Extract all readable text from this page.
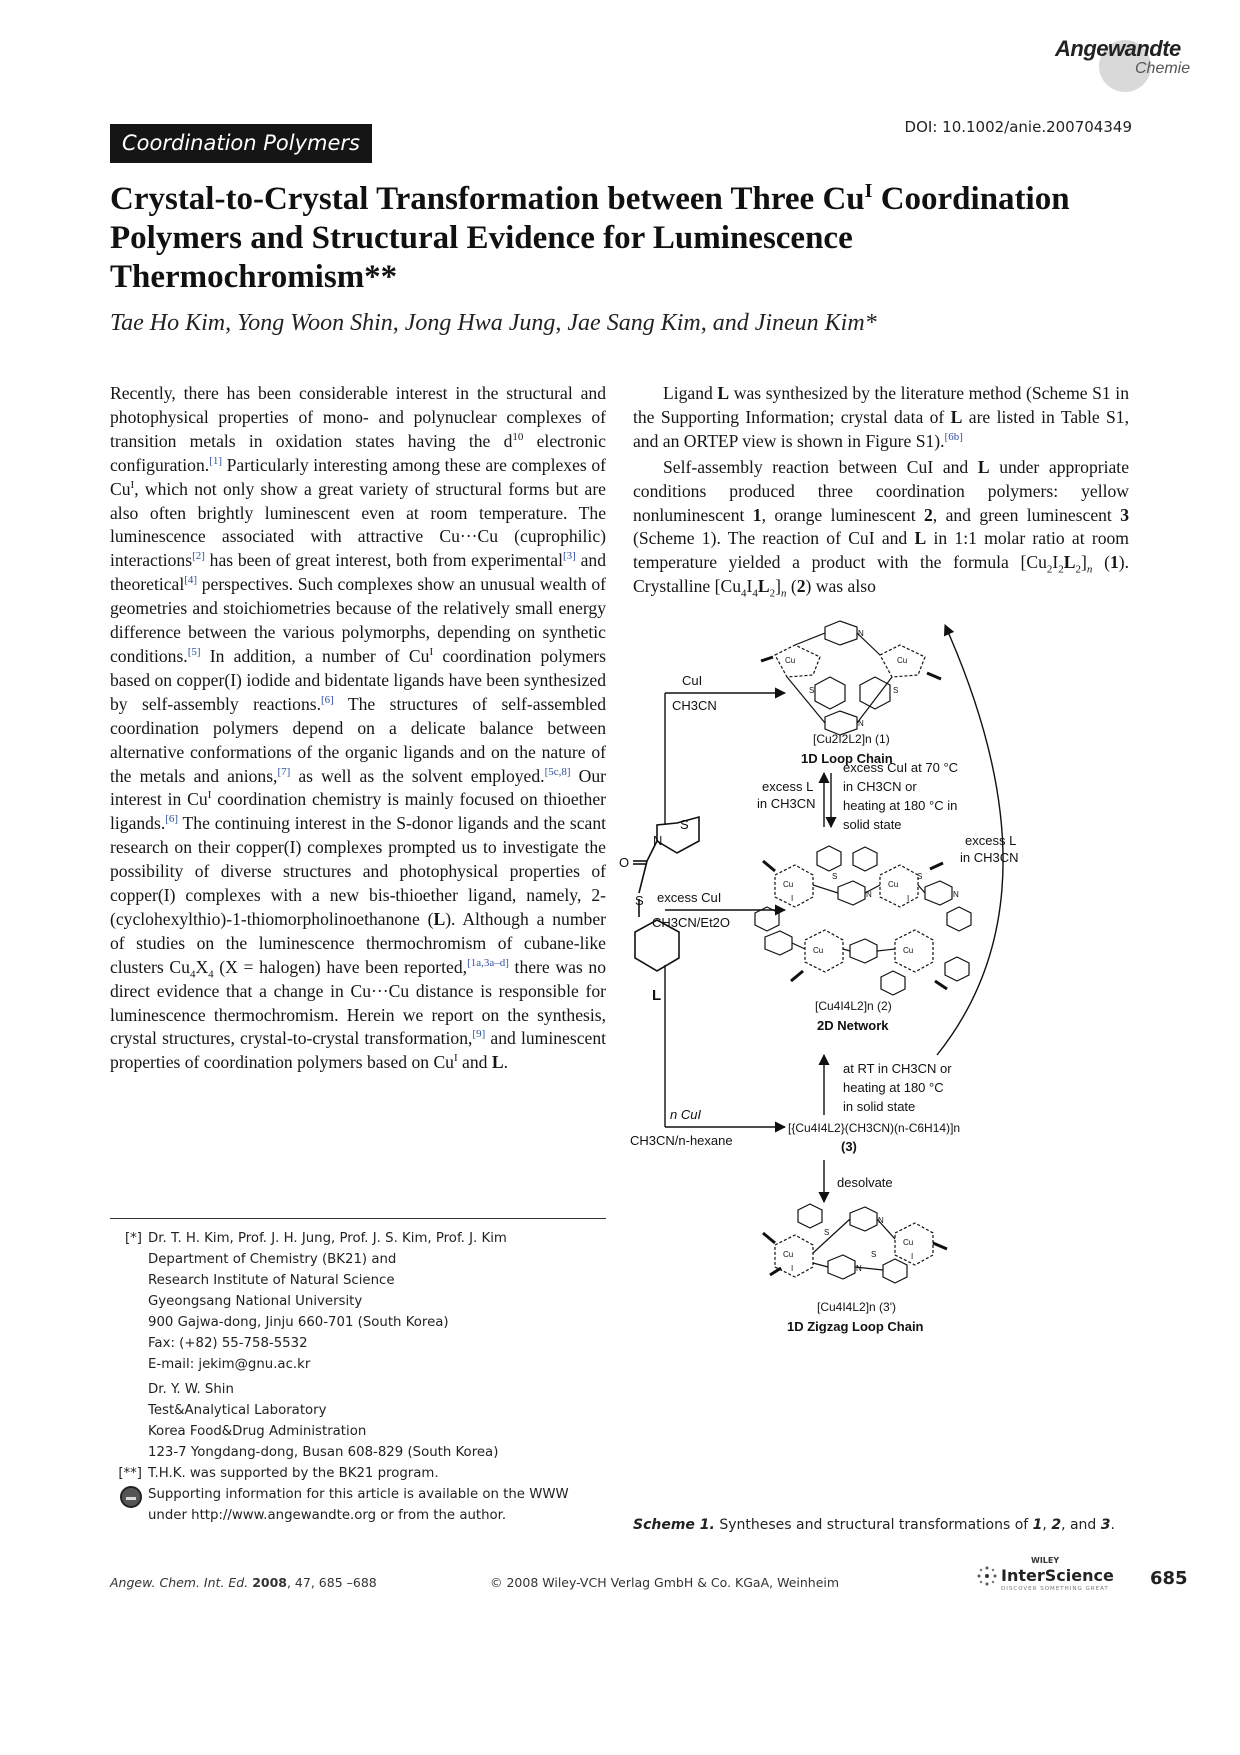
Angewandte
Chemie
Coordination Polymers
DOI: 10.1002/anie.200704349
Crystal-to-Crystal Transformation between Three $Cu^I$ Coordination Polymers and Structural Evidence for Luminescence Thermochromism**
Tae Ho Kim, Yong Woon Shin, Jong Hwa Jung, Jae Sang Kim, and Jineun Kim*

Recently, there has been considerable interest in the structural and photophysical properties of mono- and polynuclear complexes of transition metals in oxidation states having the $d^{10}$ electronic configuration.[1] Particularly interesting among these are complexes of $Cu^I$, which not only show a great variety of structural forms but are also often brightly luminescent even at room temperature. The luminescence associated with attractive Cu···Cu (cuprophilic) interactions[2] has been of great interest, both from experimental[3] and theoretical[4] perspectives. Such complexes show an unusual wealth of geometries and stoichiometries because of the relatively small energy difference between the various polymorphs, depending on synthetic conditions.[5] In addition, a number of $Cu^I$ coordination polymers based on copper(I) iodide and bidentate ligands have been synthesized by self-assembly reactions.[6] The structures of self-assembled coordination polymers depend on a delicate balance between alternative conformations of the organic ligands and on the nature of the metals and anions,[7] as well as the solvent employed.[5c,8] Our interest in $Cu^I$ coordination chemistry is mainly focused on thioether ligands.[6] The continuing interest in the S-donor ligands and the scant research on their copper(I) complexes prompted us to investigate the possibility of diverse structures and photophysical properties of copper(I) complexes with a new bis-thioether ligand, namely, 2-(cyclohexylthio)-1-thiomorpholinoethanone (L). Although a number of studies on the luminescence thermochromism of cubane-like clusters $Cu_4X_4$ (X = halogen) have been reported,[1a,3a–d] there was no direct evidence that a change in Cu···Cu distance is responsible for luminescence thermochromism. Herein we report on the synthesis, crystal structures, crystal-to-crystal transformation,[9] and luminescent properties of coordination polymers based on $Cu^I$ and L.

Ligand L was synthesized by the literature method (Scheme S1 in the Supporting Information; crystal data of L are listed in Table S1, and an ORTEP view is shown in Figure S1).[6b]

Self-assembly reaction between CuI and L under appropriate conditions produced three coordination polymers: yellow nonluminescent 1, orange luminescent 2, and green luminescent 3 (Scheme 1). The reaction of CuI and L in 1:1 molar ratio at room temperature yielded a product with the formula $[Cu_2I_2L_2]_n$ (1). Crystalline $[Cu_4I_4L_2]_n$ (2) was also

S
N
O
S
L
CuI
CH3CN
excess CuI
CH3CN/Et2O
n CuI
CH3CN/n-hexane
Cu	Cu
S	S
N
N
[Cu2I2L2]n (1)
1D Loop Chain
excess L
in CH3CN
excess CuI at 70 °C
in CH3CN or
heating at 180 °C in
solid state
excess L
in CH3CN
Cu	Cu
Cu	Cu
I	I
S	S
N	N
[Cu4I4L2]n (2)
2D Network
at RT in CH3CN or
heating at 180 °C
in solid state
[{Cu4I4L2}(CH3CN)(n-C6H14)]n
(3)
desolvate
Cu
Cu
I
I
S
S
N
N
[Cu4I4L2]n (3')
1D Zigzag Loop Chain
Scheme 1. Syntheses and structural transformations of 1, 2, and 3.
[*] Dr. T. H. Kim, Prof. J. H. Jung, Prof. J. S. Kim, Prof. J. Kim
Department of Chemistry (BK21) and
Research Institute of Natural Science
Gyeongsang National University
900 Gajwa-dong, Jinju 660-701 (South Korea)
Fax: (+82) 55-758-5532
E-mail: jekim@gnu.ac.kr
Dr. Y. W. Shin
Test&Analytical Laboratory
Korea Food&Drug Administration
123-7 Yongdang-dong, Busan 608-829 (South Korea)
[**] T.H.K. was supported by the BK21 program.
Supporting information for this article is available on the WWW
under http://www.angewandte.org or from the author.
Angew. Chem. Int. Ed. 2008, 47, 685 –688	© 2008 Wiley-VCH Verlag GmbH & Co. KGaA, Weinheim
WILEY
InterScience
DISCOVER SOMETHING GREAT 685
